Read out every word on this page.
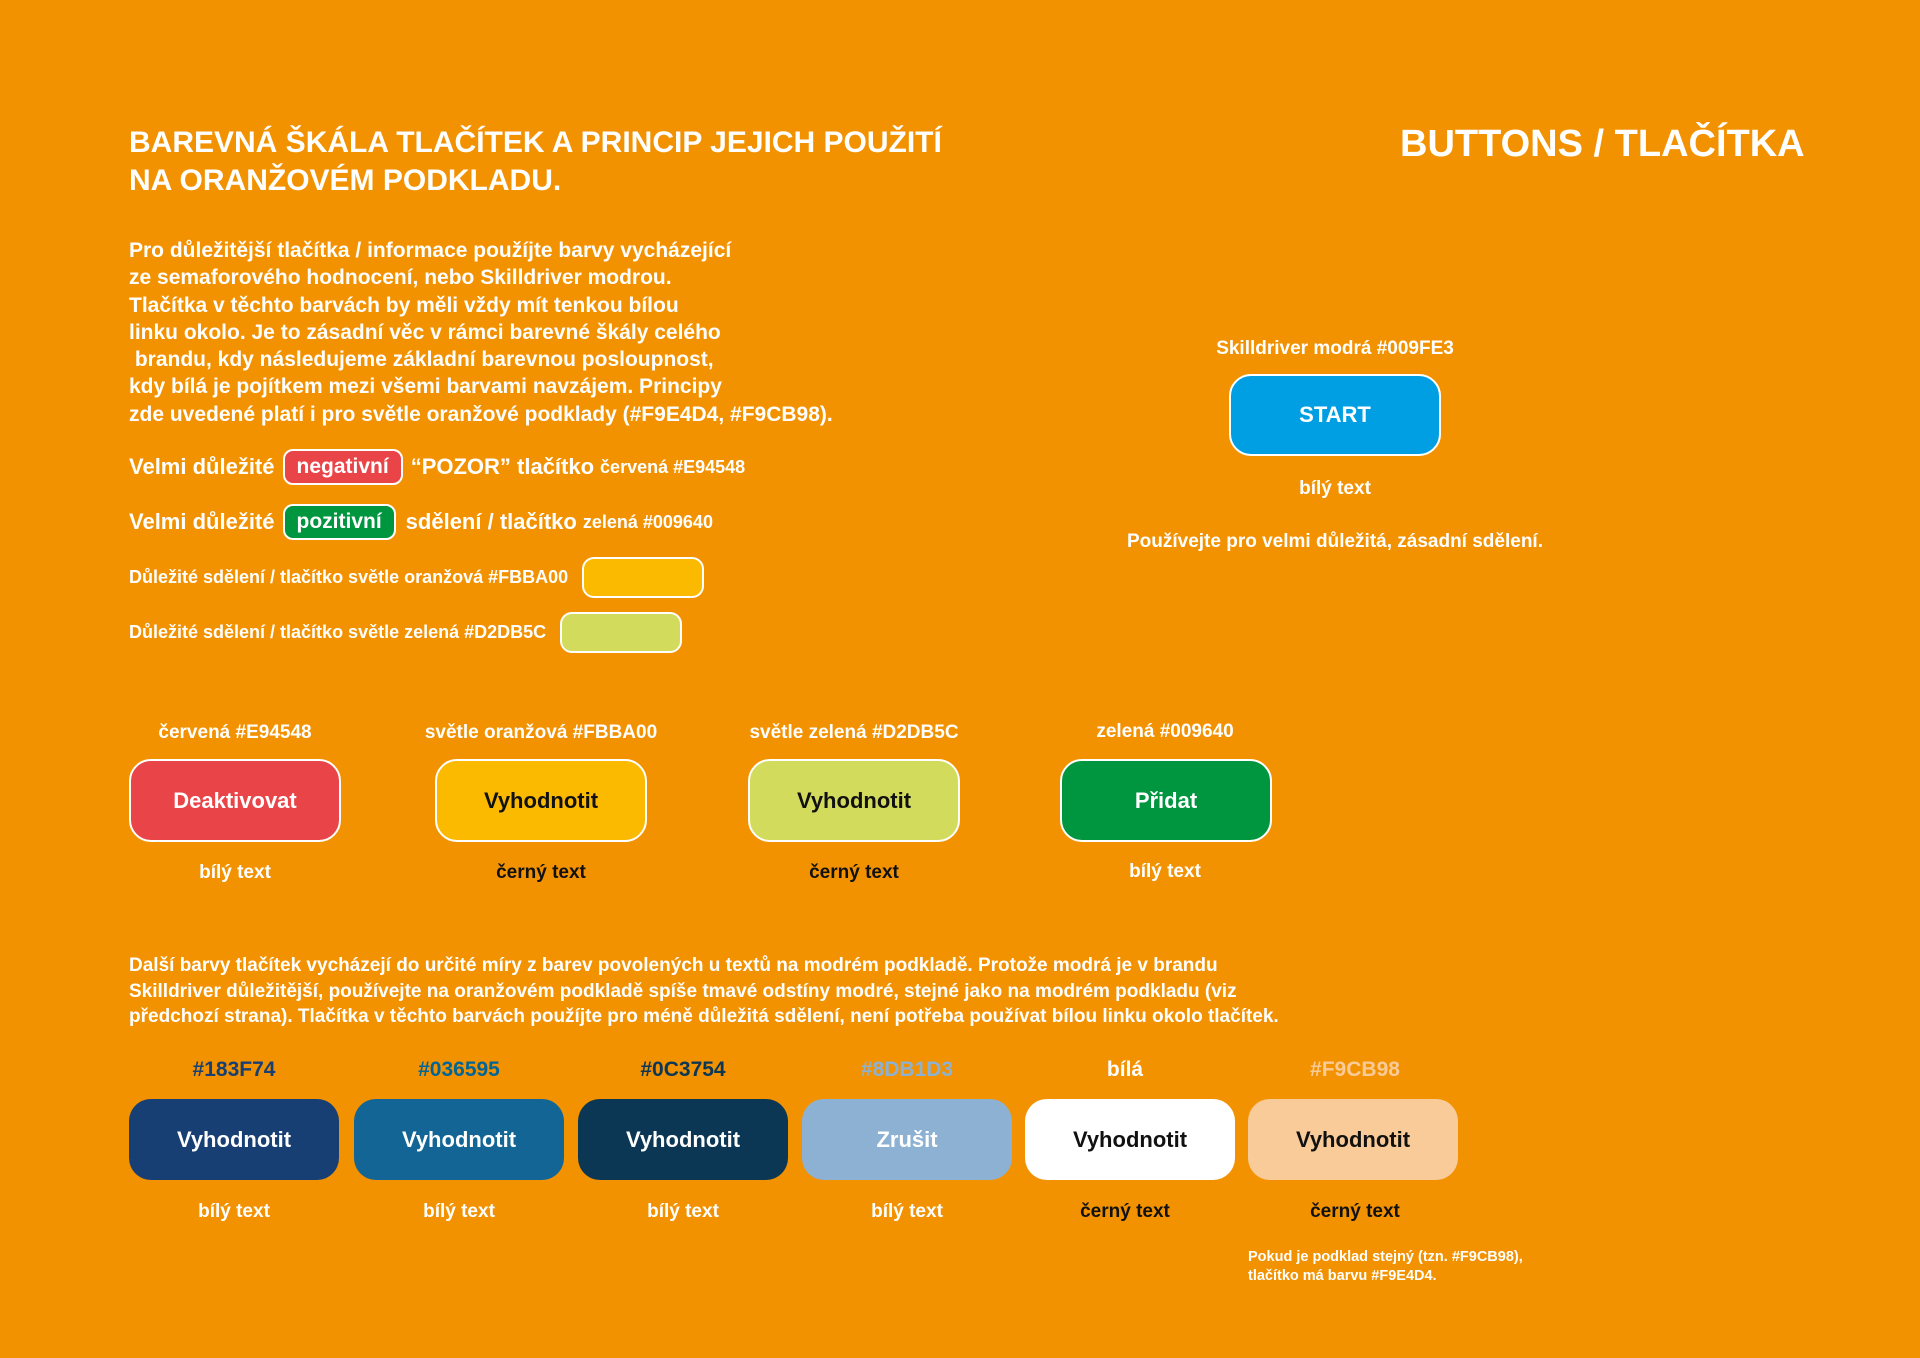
BAREVNÁ ŠKÁLA TLAČÍTEK A PRINCIP JEJICH POUŽITÍ
NA ORANŽOVÉM PODKLADU.
BUTTONS / TLAČÍTKA
Pro důležitější tlačítka / informace použíjte barvy vycházející
ze semaforového hodnocení, nebo Skilldriver modrou.
Tlačítka v těchto barvách by měli vždy mít tenkou bílou
linku okolo. Je to zásadní věc v rámci barevné škály celého
brandu, kdy následujeme základní barevnou posloupnost,
kdy bílá je pojítkem mezi všemi barvami navzájem. Principy
zde uvedené platí i pro světle oranžové podklady (#F9E4D4, #F9CB98).
Velmi důležité	negativní	“POZOR” tlačítko červená #E94548
Velmi důležité	pozitivní	sdělení / tlačítko zelená #009640
Důležité sdělení / tlačítko světle oranžová #FBBA00
Důležité sdělení / tlačítko světle zelená #D2DB5C
Skilldriver modrá #009FE3
START
bílý text
Používejte pro velmi důležitá, zásadní sdělení.
červená #E94548
Deaktivovat
bílý text
světle oranžová #FBBA00
Vyhodnotit
černý text
světle zelená #D2DB5C
Vyhodnotit
černý text
zelená #009640
Přidat
bílý text
Další barvy tlačítek vycházejí do určité míry z barev povolených u textů na modrém podkladě. Protože modrá je v brandu
Skilldriver důležitější, používejte na oranžovém podkladě spíše tmavé odstíny modré, stejné jako na modrém podkladu (viz
předchozí strana). Tlačítka v těchto barvách použíjte pro méně důležitá sdělení, není potřeba používat bílou linku okolo tlačítek.
#183F74
Vyhodnotit
bílý text
#036595
Vyhodnotit
bílý text
#0C3754
Vyhodnotit
bílý text
#8DB1D3
Zrušit
bílý text
bílá
Vyhodnotit
černý text
#F9CB98
Vyhodnotit
černý text
Pokud je podklad stejný (tzn. #F9CB98),
tlačítko má barvu #F9E4D4.
